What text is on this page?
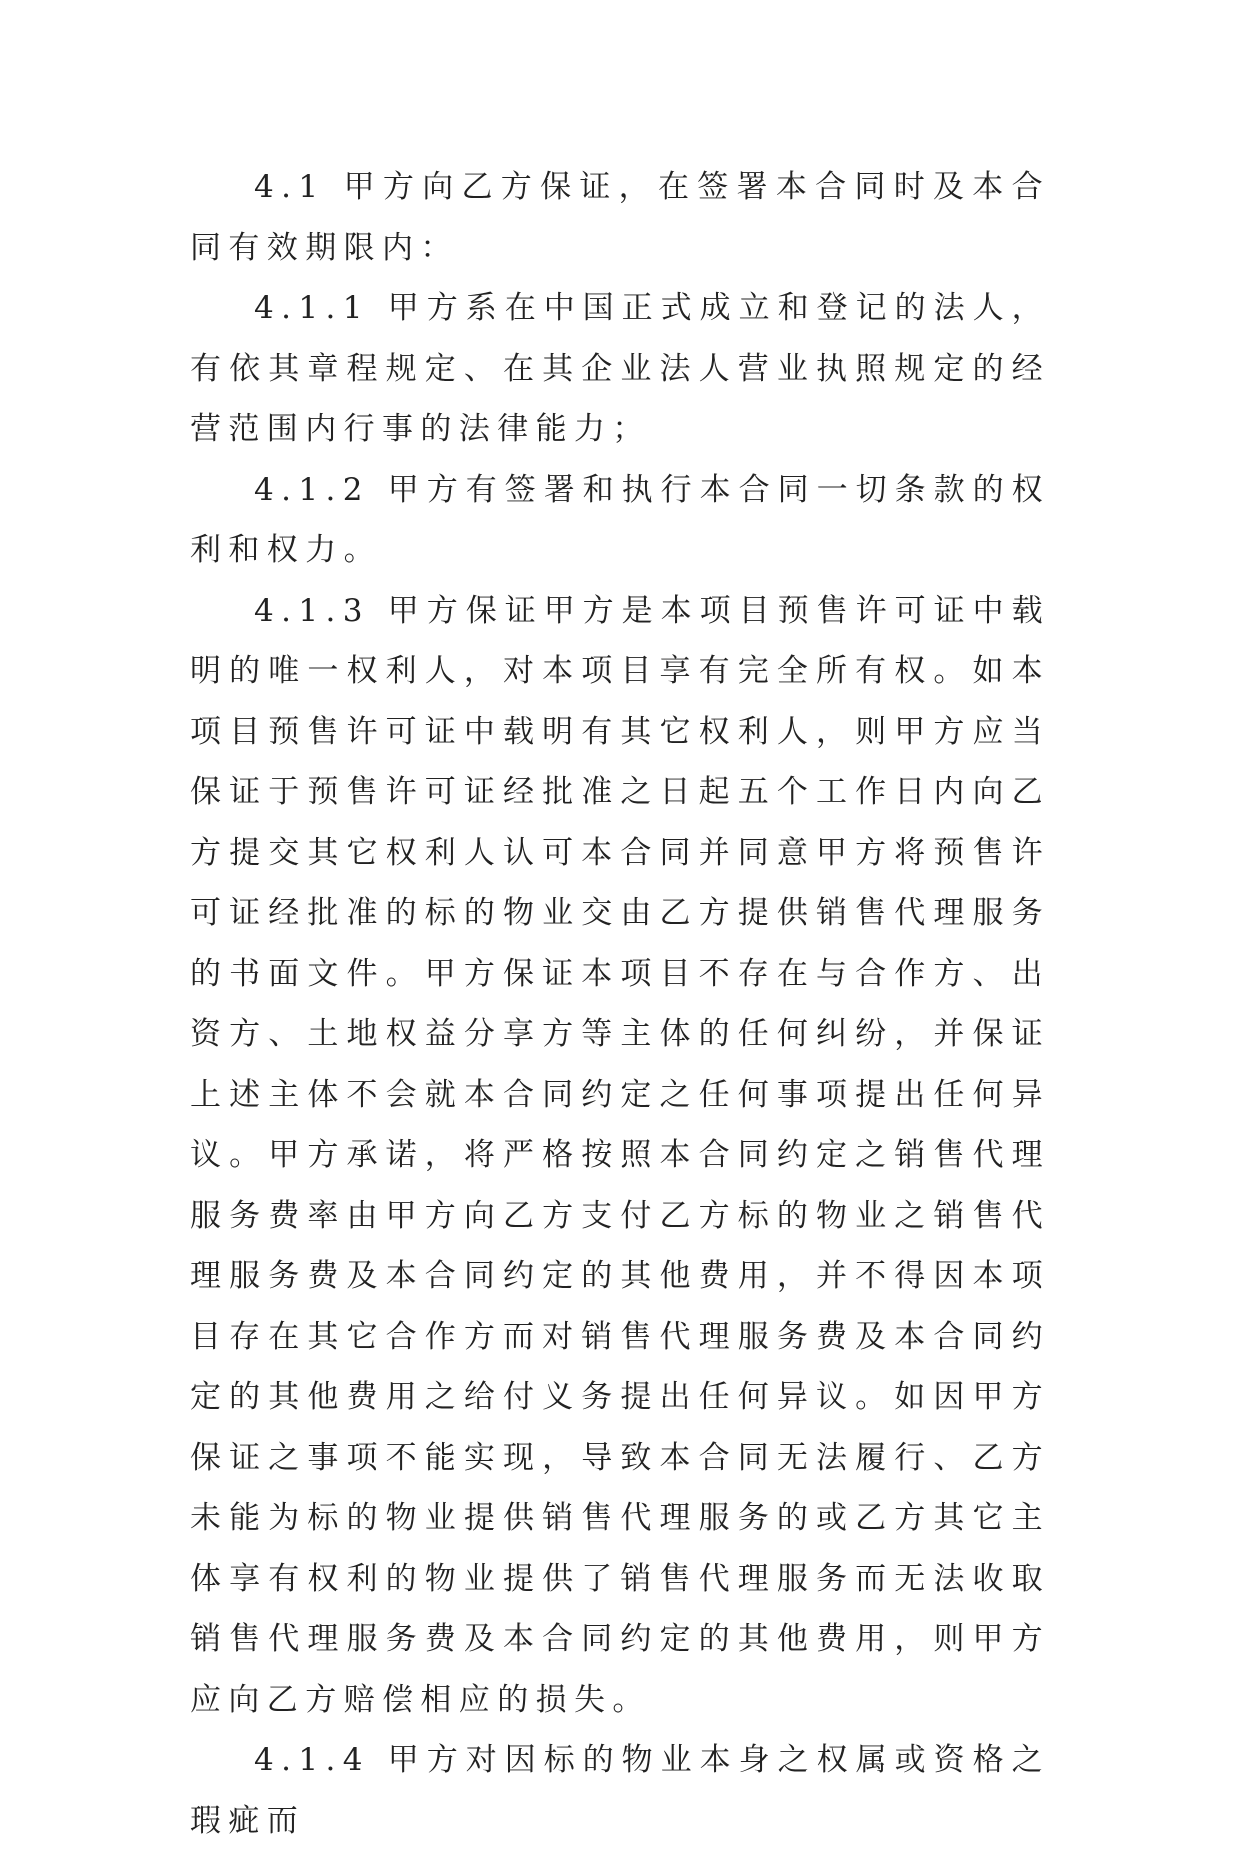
4.1 甲方向乙方保证，在签署本合同时及本合同有效期限内：

4.1.1 甲方系在中国正式成立和登记的法人，有依其章程规定、在其企业法人营业执照规定的经营范围内行事的法律能力；

4.1.2 甲方有签署和执行本合同一切条款的权利和权力。

4.1.3 甲方保证甲方是本项目预售许可证中载明的唯一权利人，对本项目享有完全所有权。如本项目预售许可证中载明有其它权利人，则甲方应当保证于预售许可证经批准之日起五个工作日内向乙方提交其它权利人认可本合同并同意甲方将预售许可证经批准的标的物业交由乙方提供销售代理服务的书面文件。甲方保证本项目不存在与合作方、出资方、土地权益分享方等主体的任何纠纷，并保证上述主体不会就本合同约定之任何事项提出任何异议。甲方承诺，将严格按照本合同约定之销售代理服务费率由甲方向乙方支付乙方标的物业之销售代理服务费及本合同约定的其他费用，并不得因本项目存在其它合作方而对销售代理服务费及本合同约定的其他费用之给付义务提出任何异议。如因甲方保证之事项不能实现，导致本合同无法履行、乙方未能为标的物业提供销售代理服务的或乙方其它主体享有权利的物业提供了销售代理服务而无法收取销售代理服务费及本合同约定的其他费用，则甲方应向乙方赔偿相应的损失。

4.1.4 甲方对因标的物业本身之权属或资格之瑕疵而
